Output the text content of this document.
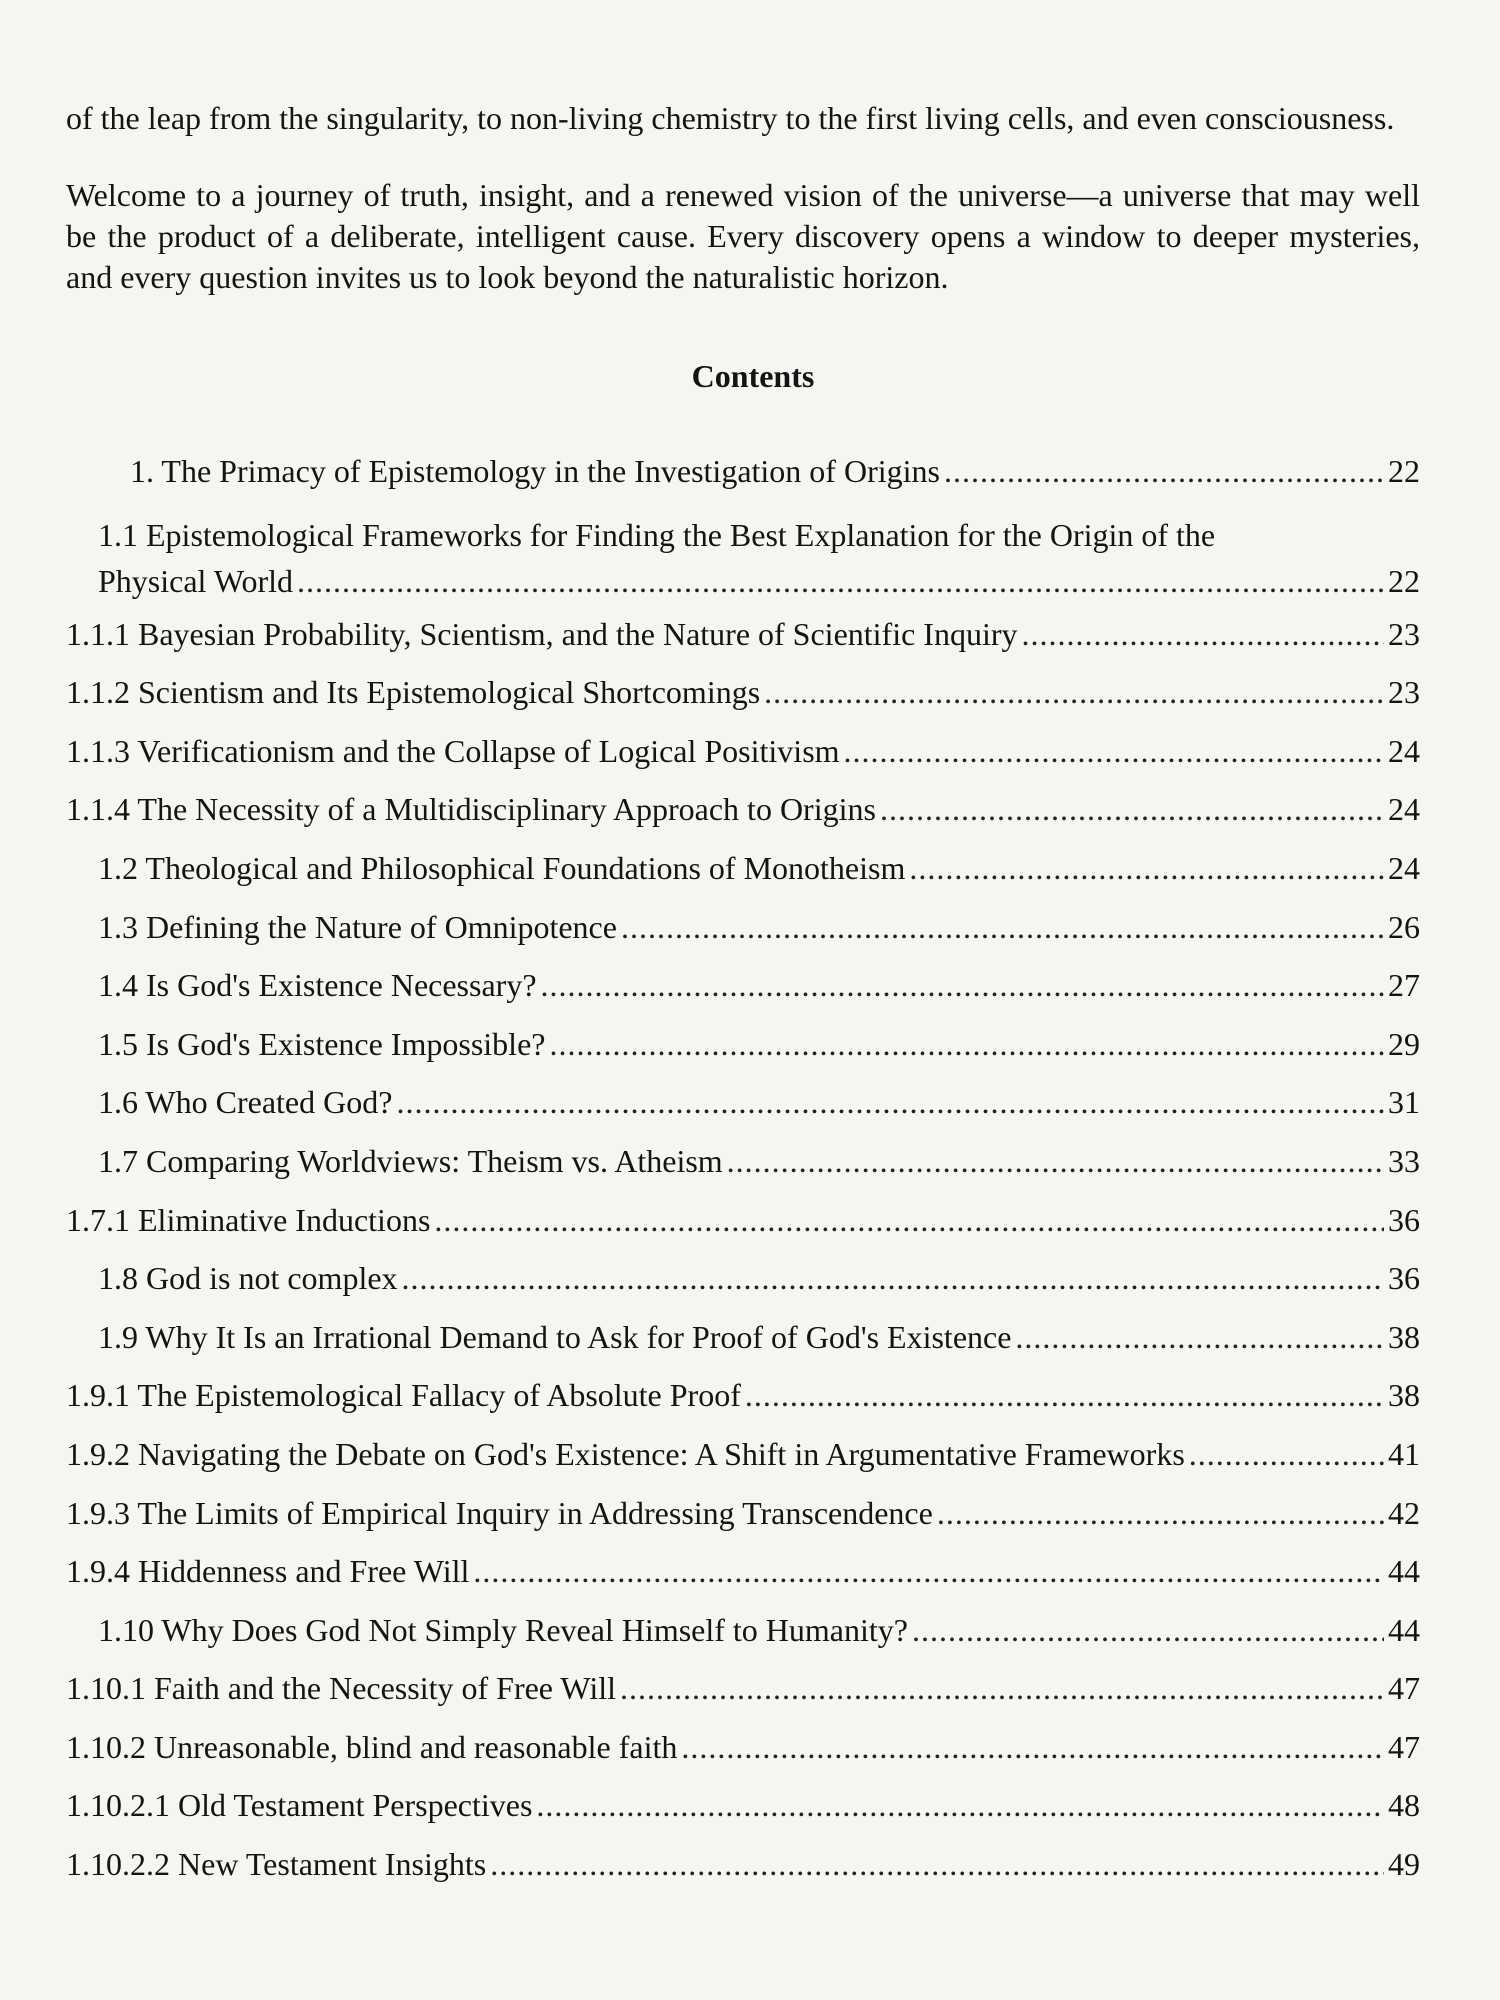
of the leap from the singularity, to non-living chemistry to the first living cells, and even consciousness.

Welcome to a journey of truth, insight, and a renewed vision of the universe—a universe that may well be the product of a deliberate, intelligent cause. Every discovery opens a window to deeper mysteries, and every question invites us to look beyond the naturalistic horizon.

Contents
1. The Primacy of Epistemology in the Investigation of Origins .....	22
1.1 Epistemological Frameworks for Finding the Best Explanation for the Origin of the
Physical World .....	22
1.1.1 Bayesian Probability, Scientism, and the Nature of Scientific Inquiry .....	23
1.1.2 Scientism and Its Epistemological Shortcomings .....	23
1.1.3 Verificationism and the Collapse of Logical Positivism .....	24
1.1.4 The Necessity of a Multidisciplinary Approach to Origins .....	24
1.2 Theological and Philosophical Foundations of Monotheism .....	24
1.3 Defining the Nature of Omnipotence .....	26
1.4 Is God's Existence Necessary? .....	27
1.5 Is God's Existence Impossible? .....	29
1.6 Who Created God? .....	31
1.7 Comparing Worldviews: Theism vs. Atheism .....	33
1.7.1 Eliminative Inductions .....	36
1.8 God is not complex .....	36
1.9 Why It Is an Irrational Demand to Ask for Proof of God's Existence .....	38
1.9.1 The Epistemological Fallacy of Absolute Proof .....	38
1.9.2 Navigating the Debate on God's Existence: A Shift in Argumentative Frameworks .....	41
1.9.3 The Limits of Empirical Inquiry in Addressing Transcendence .....	42
1.9.4 Hiddenness and Free Will .....	44
1.10 Why Does God Not Simply Reveal Himself to Humanity? .....	44
1.10.1 Faith and the Necessity of Free Will .....	47
1.10.2 Unreasonable, blind and reasonable faith .....	47
1.10.2.1 Old Testament Perspectives .....	48
1.10.2.2 New Testament Insights .....	49
